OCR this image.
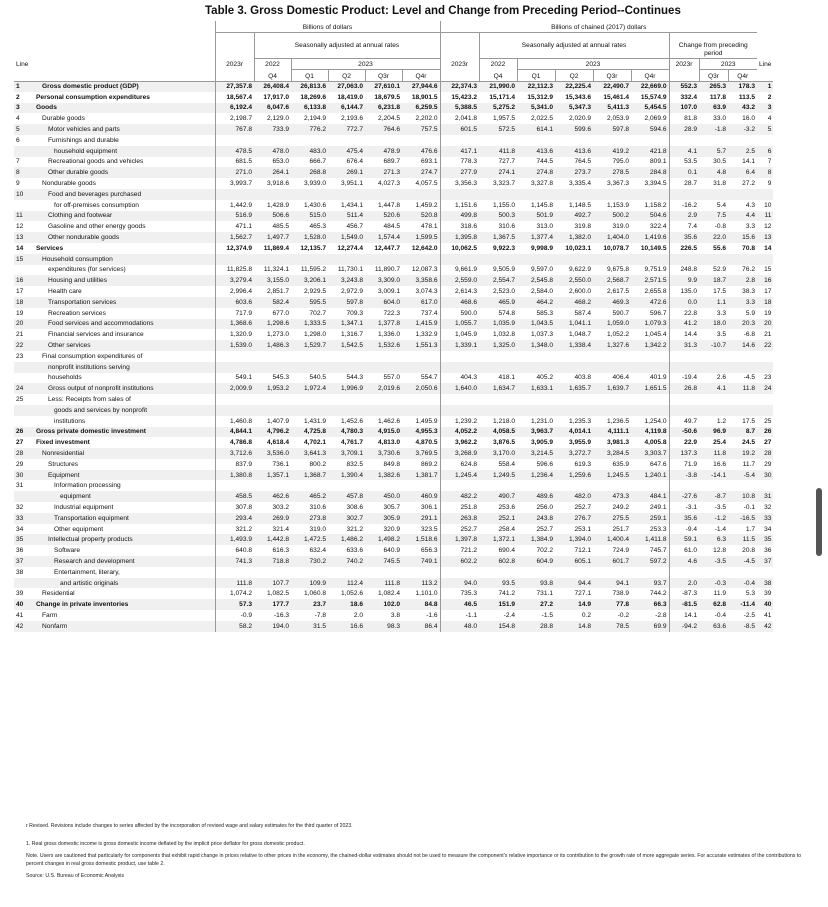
Table 3. Gross Domestic Product: Level and Change from Preceding Period--Continues
		Billions of dollars						Billions of chained (2017) dollars									
			Seasonally adjusted at annual rates						Seasonally adjusted at annual rates					Change from preceding period			
Line		2023r	2022	2023				2023r	2022	2023				2023r	2023		Line
			Q4	Q1	Q2	Q3r	Q4r		Q4	Q1	Q2	Q3r	Q4r		Q3r	Q4r	
1	Gross domestic product (GDP)	27,357.8	26,408.4	26,813.6	27,063.0	27,610.1	27,944.6	22,374.3	21,990.0	22,112.3	22,225.4	22,490.7	22,669.0	552.3	265.3	178.3	1
2	Personal consumption expenditures	18,567.4	17,917.0	18,269.6	18,419.0	18,679.5	18,901.5	15,423.2	15,171.4	15,312.9	15,343.6	15,461.4	15,574.9	332.4	117.8	113.5	2
3	Goods	6,192.4	6,047.6	6,133.8	6,144.7	6,231.8	6,259.5	5,388.5	5,275.2	5,341.0	5,347.3	5,411.3	5,454.5	107.0	63.9	43.2	3
4	Durable goods	2,198.7	2,129.0	2,194.9	2,193.6	2,204.5	2,202.0	2,041.8	1,957.5	2,022.5	2,020.9	2,053.9	2,069.9	81.8	33.0	16.0	4
5	Motor vehicles and parts	767.8	733.9	776.2	772.7	764.6	757.5	601.5	572.5	614.1	599.6	597.8	594.6	28.9	-1.8	-3.2	5
6	Furnishings and durable																
	household equipment	478.5	478.0	483.0	475.4	478.9	476.6	417.1	411.8	413.6	413.6	419.2	421.8	4.1	5.7	2.5	6
7	Recreational goods and vehicles	681.5	653.0	666.7	676.4	689.7	693.1	778.3	727.7	744.5	764.5	795.0	809.1	53.5	30.5	14.1	7
8	Other durable goods	271.0	264.1	268.8	269.1	271.3	274.7	277.9	274.1	274.8	273.7	278.5	284.8	0.1	4.8	6.4	8
9	Nondurable goods	3,993.7	3,918.6	3,939.0	3,951.1	4,027.3	4,057.5	3,356.3	3,323.7	3,327.8	3,335.4	3,367.3	3,394.5	28.7	31.8	27.2	9
10	Food and beverages purchased																
	for off-premises consumption	1,442.9	1,428.9	1,430.6	1,434.1	1,447.8	1,459.2	1,151.6	1,155.0	1,145.8	1,148.5	1,153.9	1,158.2	-16.2	5.4	4.3	10
11	Clothing and footwear	516.9	506.6	515.0	511.4	520.6	520.8	499.8	500.3	501.9	492.7	500.2	504.6	2.9	7.5	4.4	11
12	Gasoline and other energy goods	471.1	485.5	465.3	456.7	484.5	478.1	318.6	310.6	313.0	319.8	319.0	322.4	7.4	-0.8	3.3	12
13	Other nondurable goods	1,562.7	1,497.7	1,528.0	1,549.0	1,574.4	1,599.5	1,395.8	1,367.5	1,377.4	1,382.0	1,404.0	1,419.6	35.6	22.0	15.6	13
14	Services	12,374.9	11,869.4	12,135.7	12,274.4	12,447.7	12,642.0	10,062.5	9,922.3	9,998.9	10,023.1	10,078.7	10,149.5	226.5	55.6	70.8	14
15	Household consumption																
	expenditures (for services)	11,825.8	11,324.1	11,595.2	11,730.1	11,890.7	12,087.3	9,661.9	9,505.9	9,597.0	9,622.9	9,675.8	9,751.9	248.8	52.9	76.2	15
16	Housing and utilities	3,279.4	3,155.0	3,206.1	3,243.8	3,309.0	3,358.6	2,559.0	2,554.7	2,545.8	2,550.0	2,568.7	2,571.5	9.9	18.7	2.8	16
17	Health care	2,996.4	2,851.7	2,929.5	2,972.9	3,009.1	3,074.3	2,614.3	2,523.0	2,584.0	2,600.0	2,617.5	2,655.8	135.0	17.5	38.3	17
18	Transportation services	603.6	582.4	595.5	597.8	604.0	617.0	468.6	465.9	464.2	468.2	469.3	472.6	0.0	1.1	3.3	18
19	Recreation services	717.9	677.0	702.7	709.3	722.3	737.4	590.0	574.8	585.3	587.4	590.7	596.7	22.8	3.3	5.9	19
20	Food services and accommodations	1,368.6	1,298.6	1,333.5	1,347.1	1,377.8	1,415.9	1,055.7	1,035.9	1,043.5	1,041.1	1,059.0	1,079.3	41.2	18.0	20.3	20
21	Financial services and insurance	1,320.9	1,273.0	1,298.0	1,316.7	1,336.0	1,332.9	1,045.9	1,032.8	1,037.3	1,048.7	1,052.2	1,045.4	14.4	3.5	-6.8	21
22	Other services	1,539.0	1,486.3	1,529.7	1,542.5	1,532.6	1,551.3	1,339.1	1,325.0	1,348.0	1,338.4	1,327.6	1,342.2	31.3	-10.7	14.6	22
23	Final consumption expenditures of																
	nonprofit institutions serving																
	households	549.1	545.3	540.5	544.3	557.0	554.7	404.3	418.1	405.2	403.8	406.4	401.9	-19.4	2.6	-4.5	23
24	Gross output of nonprofit institutions	2,009.9	1,953.2	1,972.4	1,996.9	2,019.6	2,050.6	1,640.0	1,634.7	1,633.1	1,635.7	1,639.7	1,651.5	26.8	4.1	11.8	24
25	Less: Receipts from sales of																
	goods and services by nonprofit																
	institutions	1,460.8	1,407.9	1,431.9	1,452.6	1,462.6	1,495.9	1,239.2	1,218.0	1,231.0	1,235.3	1,236.5	1,254.0	49.7	1.2	17.5	25
26	Gross private domestic investment	4,844.1	4,796.2	4,725.8	4,780.3	4,915.0	4,955.3	4,052.2	4,058.5	3,963.7	4,014.1	4,111.1	4,119.8	-50.6	96.9	8.7	26
27	Fixed investment	4,786.8	4,618.4	4,702.1	4,761.7	4,813.0	4,870.5	3,962.2	3,876.5	3,905.9	3,955.9	3,981.3	4,005.8	22.9	25.4	24.5	27
28	Nonresidential	3,712.6	3,536.0	3,641.3	3,709.1	3,730.6	3,769.5	3,268.9	3,170.0	3,214.5	3,272.7	3,284.5	3,303.7	137.3	11.8	19.2	28
29	Structures	837.9	736.1	800.2	832.5	849.8	869.2	624.8	558.4	596.6	619.3	635.9	647.6	71.9	16.6	11.7	29
30	Equipment	1,380.8	1,357.1	1,368.7	1,390.4	1,382.6	1,381.7	1,245.4	1,249.5	1,236.4	1,259.6	1,245.5	1,240.1	-3.8	-14.1	-5.4	30
31	Information processing																
	equipment	458.5	462.6	465.2	457.8	450.0	460.9	482.2	490.7	489.6	482.0	473.3	484.1	-27.6	-8.7	10.8	31
32	Industrial equipment	307.8	303.2	310.6	308.6	305.7	306.1	251.8	253.6	256.0	252.7	249.2	249.1	-3.1	-3.5	-0.1	32
33	Transportation equipment	293.4	269.9	273.8	302.7	305.9	291.1	263.8	252.1	243.8	276.7	275.5	259.1	35.6	-1.2	-16.5	33
34	Other equipment	321.2	321.4	319.0	321.2	320.9	323.5	252.7	258.4	252.7	253.1	251.7	253.3	-9.4	-1.4	1.7	34
35	Intellectual property products	1,493.9	1,442.8	1,472.5	1,486.2	1,498.2	1,518.6	1,397.8	1,372.1	1,384.9	1,394.0	1,400.4	1,411.8	59.1	6.3	11.5	35
36	Software	640.8	616.3	632.4	633.6	640.9	656.3	721.2	690.4	702.2	712.1	724.9	745.7	61.0	12.8	20.8	36
37	Research and development	741.3	718.8	730.2	740.2	745.5	749.1	602.2	602.8	604.9	605.1	601.7	597.2	4.6	-3.5	-4.5	37
38	Entertainment, literary,																
	and artistic originals	111.8	107.7	109.9	112.4	111.8	113.2	94.0	93.5	93.8	94.4	94.1	93.7	2.0	-0.3	-0.4	38
39	Residential	1,074.2	1,082.5	1,060.8	1,052.6	1,082.4	1,101.0	735.3	741.2	731.1	727.1	738.9	744.2	-87.3	11.9	5.3	39
40	Change in private inventories	57.3	177.7	23.7	18.6	102.0	84.8	46.5	151.9	27.2	14.9	77.8	66.3	-81.5	62.8	-11.4	40
41	Farm	-0.9	-16.3	-7.8	2.0	3.8	-1.6	-1.1	-2.4	-1.5	0.2	-0.2	-2.8	14.1	-0.4	-2.5	41
42	Nonfarm	58.2	194.0	31.5	16.6	98.3	86.4	48.0	154.8	28.8	14.8	78.5	69.9	-94.2	63.6	-8.5	42

r Revised. Revisions include changes to series affected by the incorporation of revised wage and salary estimates for the third quarter of 2023.

1. Real gross domestic income is gross domestic income deflated by the implicit price deflator for gross domestic product.

Note. Users are cautioned that particularly for components that exhibit rapid change in prices relative to other prices in the economy, the chained-dollar estimates should not be used to measure the component's relative importance or its contribution to the growth rate of more aggregate series. For accurate estimates of the contributions to percent changes in real gross domestic product, use table 2.

Source: U.S. Bureau of Economic Analysis
